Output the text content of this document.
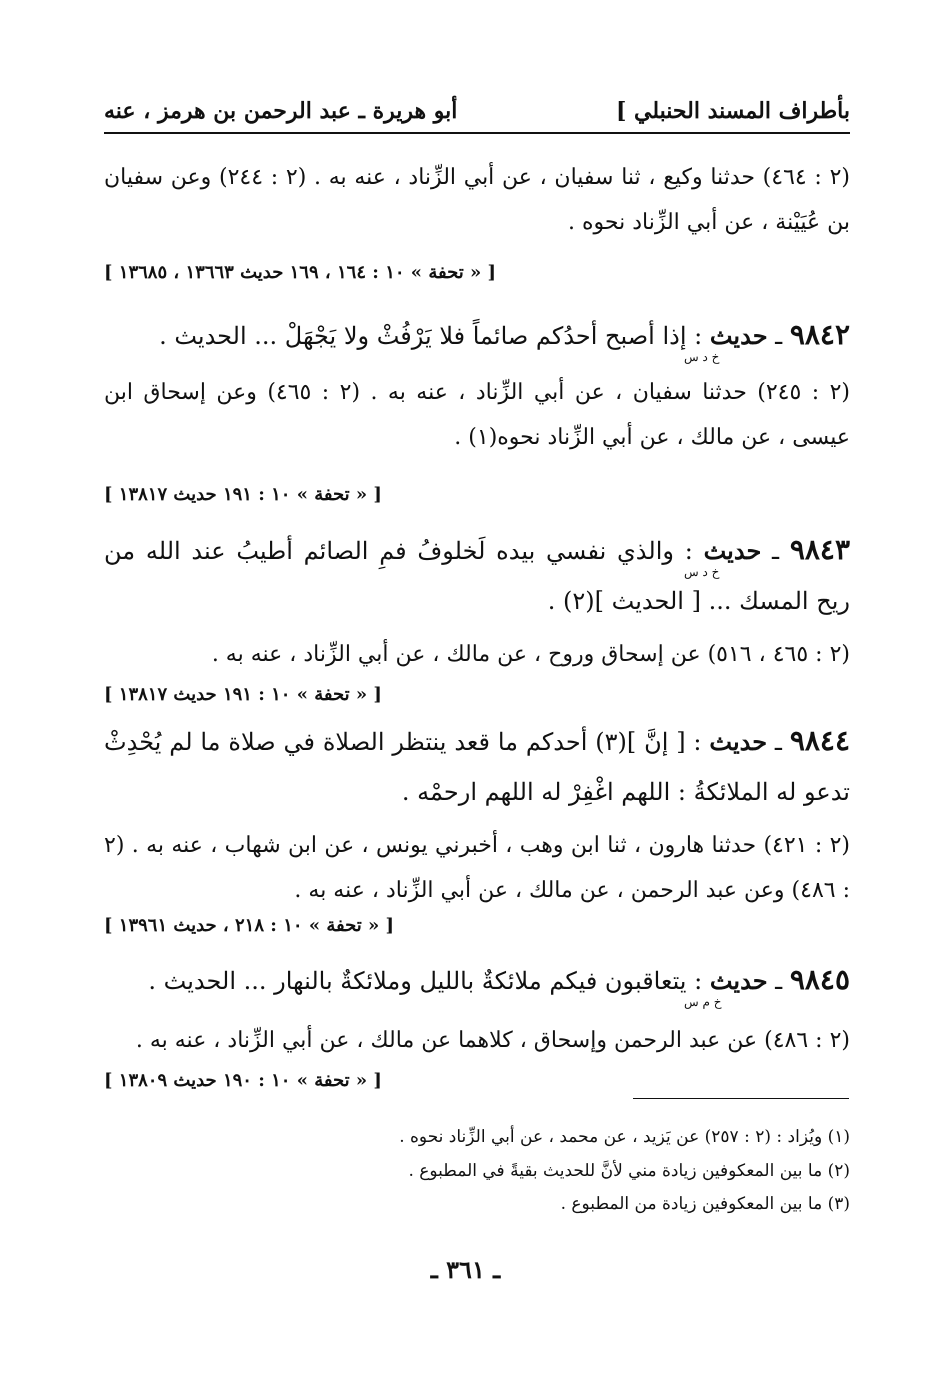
بأطراف المسند الحنبلي ]
أبو هريرة ـ عبد الرحمن بن هرمز ، عنه
(٢ : ٤٦٤) حدثنا وكيع ، ثنا سفيان ، عن أبي الزِّناد ، عنه به . (٢ : ٢٤٤) وعن سفيان بن عُيَيْنة ، عن أبي الزِّناد نحوه .
[ « تحفة » ١٠ : ١٦٤ ، ١٦٩ حديث ١٣٦٦٣ ، ١٣٦٨٥ ]
٩٨٤٢ ـ حديث : إذا أصبح أحدُكم صائماً فلا يَرْفُثْ ولا يَجْهَلْ ... الحديث .
خ د س
(٢ : ٢٤٥) حدثنا سفيان ، عن أبي الزِّناد ، عنه به . (٢ : ٤٦٥) وعن إسحاق ابن عيسى ، عن مالك ، عن أبي الزِّناد نحوه(١) .
[ « تحفة » ١٠ : ١٩١ حديث ١٣٨١٧ ]
٩٨٤٣ ـ حديث : والذي نفسي بيده لَخلوفُ فمِ الصائم أطيبُ عند الله من ريح المسك ... [ الحديث ](٢) .
خ د س
(٢ : ٤٦٥ ، ٥١٦) عن إسحاق وروح ، عن مالك ، عن أبي الزِّناد ، عنه به .
[ « تحفة » ١٠ : ١٩١ حديث ١٣٨١٧ ]
٩٨٤٤ ـ حديث : [ إنَّ ](٣) أحدكم ما قعد ينتظر الصلاة في صلاة ما لم يُحْدِثْ تدعو له الملائكةُ : اللهم اغْفِرْ له اللهم ارحمْه .
(٢ : ٤٢١) حدثنا هارون ، ثنا ابن وهب ، أخبرني يونس ، عن ابن شهاب ، عنه به . (٢ : ٤٨٦) وعن عبد الرحمن ، عن مالك ، عن أبي الزِّناد ، عنه به .
[ « تحفة » ١٠ : ٢١٨ ، حديث ١٣٩٦١ ]
٩٨٤٥ ـ حديث : يتعاقبون فيكم ملائكةٌ بالليل وملائكةٌ بالنهار ... الحديث .
خ م س
(٢ : ٤٨٦) عن عبد الرحمن وإسحاق ، كلاهما عن مالك ، عن أبي الزِّناد ، عنه به .
[ « تحفة » ١٠ : ١٩٠ حديث ١٣٨٠٩ ]
(١) ويُزاد : (٢ : ٢٥٧) عن يَزيد ، عن محمد ، عن أبي الزِّناد نحوه .
(٢) ما بين المعكوفين زيادة مني لأنَّ للحديث بقيةً في المطبوع .
(٣) ما بين المعكوفين زيادة من المطبوع .
ـ ٣٦١ ـ
